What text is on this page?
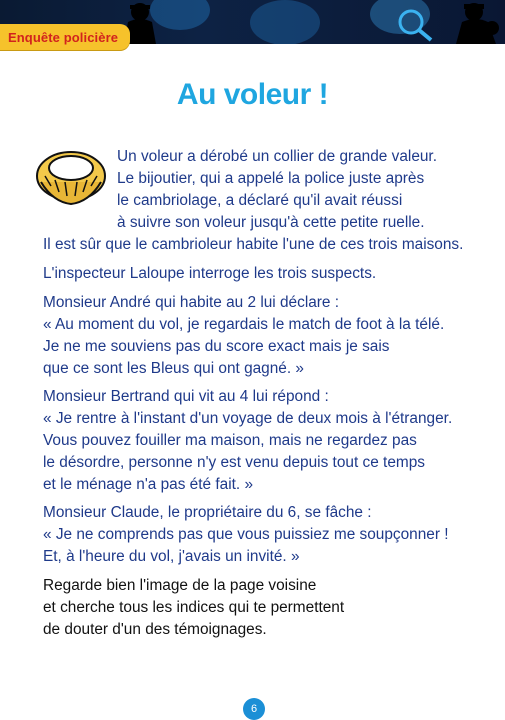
Enquête policière
Au voleur !
Un voleur a dérobé un collier de grande valeur.
Le bijoutier, qui a appelé la police juste après
le cambriolage, a déclaré qu'il avait réussi
à suivre son voleur jusqu'à cette petite ruelle.
Il est sûr que le cambrioleur habite l'une de ces trois maisons.
L'inspecteur Laloupe interroge les trois suspects.
Monsieur André qui habite au 2 lui déclare :
« Au moment du vol, je regardais le match de foot à la télé.
Je ne me souviens pas du score exact mais je sais
que ce sont les Bleus qui ont gagné. »
Monsieur Bertrand qui vit au 4 lui répond :
« Je rentre à l'instant d'un voyage de deux mois à l'étranger.
Vous pouvez fouiller ma maison, mais ne regardez pas
le désordre, personne n'y est venu depuis tout ce temps
et le ménage n'a pas été fait. »
Monsieur Claude, le propriétaire du 6, se fâche :
« Je ne comprends pas que vous puissiez me soupçonner !
Et, à l'heure du vol, j'avais un invité. »
Regarde bien l'image de la page voisine
et cherche tous les indices qui te permettent
de douter d'un des témoignages.
6
